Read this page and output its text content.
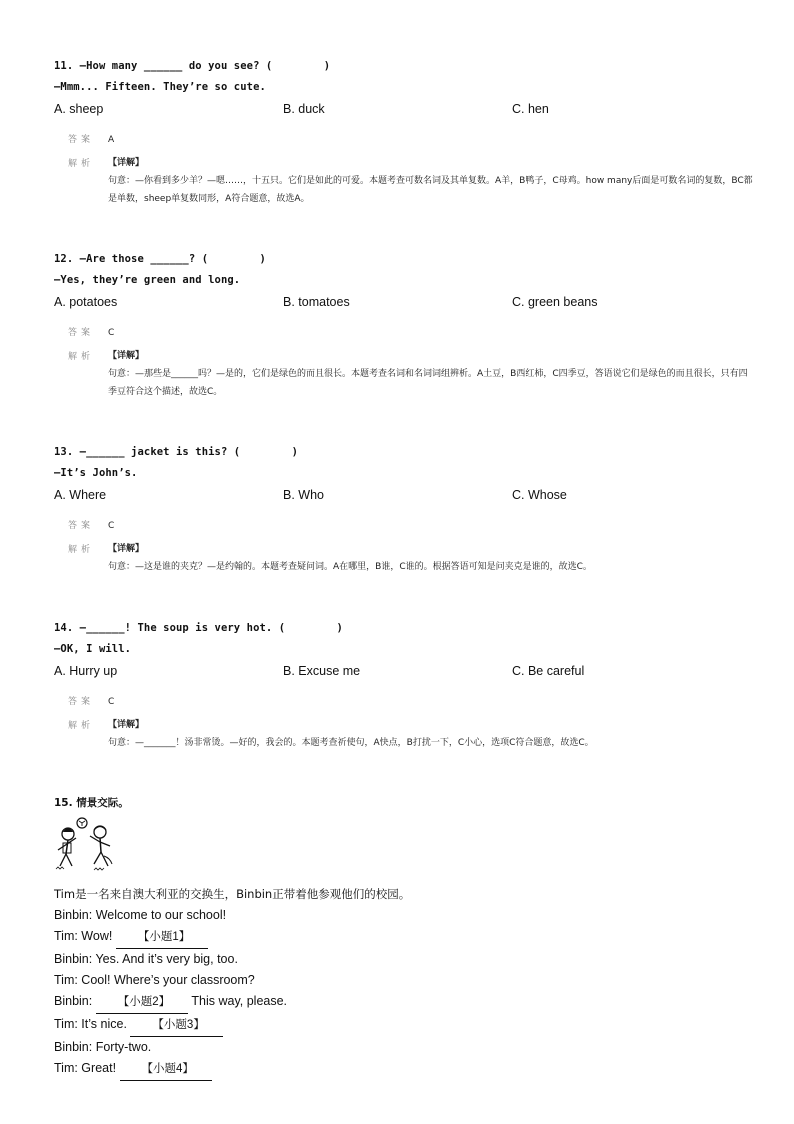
11. —How many ______ do you see? (        )
—Mmm... Fifteen. They’re so cute.
A. sheep	B. duck	C. hen
答案 A
解析 【详解】
句意：—你看到多少羊？—嗯……，十五只。它们是如此的可爱。本题考查可数名词及其单复数。A羊，B鸭子，C母鸡。how many后面是可数名词的复数，BC都是单数，sheep单复数同形，A符合题意，故选A。
12. —Are those ______? (        )
—Yes, they’re green and long.
A. potatoes	B. tomatoes	C. green beans
答案 C
解析 【详解】
句意：—那些是______吗？—是的，它们是绿色的而且很长。本题考查名词和名词词组辨析。A土豆，B西红柿，C四季豆，答语说它们是绿色的而且很长，只有四季豆符合这个描述，故选C。
13. —______ jacket is this? (        )
—It’s John’s.
A. Where	B. Who	C. Whose
答案 C
解析 【详解】
句意：—这是谁的夹克？—是约翰的。本题考查疑问词。A在哪里，B谁，C谁的。根据答语可知是问夹克是谁的，故选C。
14. —______! The soup is very hot. (        )
—OK, I will.
A. Hurry up	B. Excuse me	C. Be careful
答案 C
解析 【详解】
句意：—_______！汤非常烫。—好的，我会的。本题考查祈使句，A快点，B打扰一下，C小心，选项C符合题意，故选C。
15. 情景交际。
Tim是一名来自澳大利亚的交换生，Binbin正带着他参观他们的校园。
Binbin: Welcome to our school!
Tim: Wow! 【小题1】
Binbin: Yes. And it’s very big, too.
Tim: Cool! Where’s your classroom?
Binbin: 【小题2】 This way, please.
Tim: It’s nice. 【小题3】
Binbin: Forty-two.
Tim: Great! 【小题4】
